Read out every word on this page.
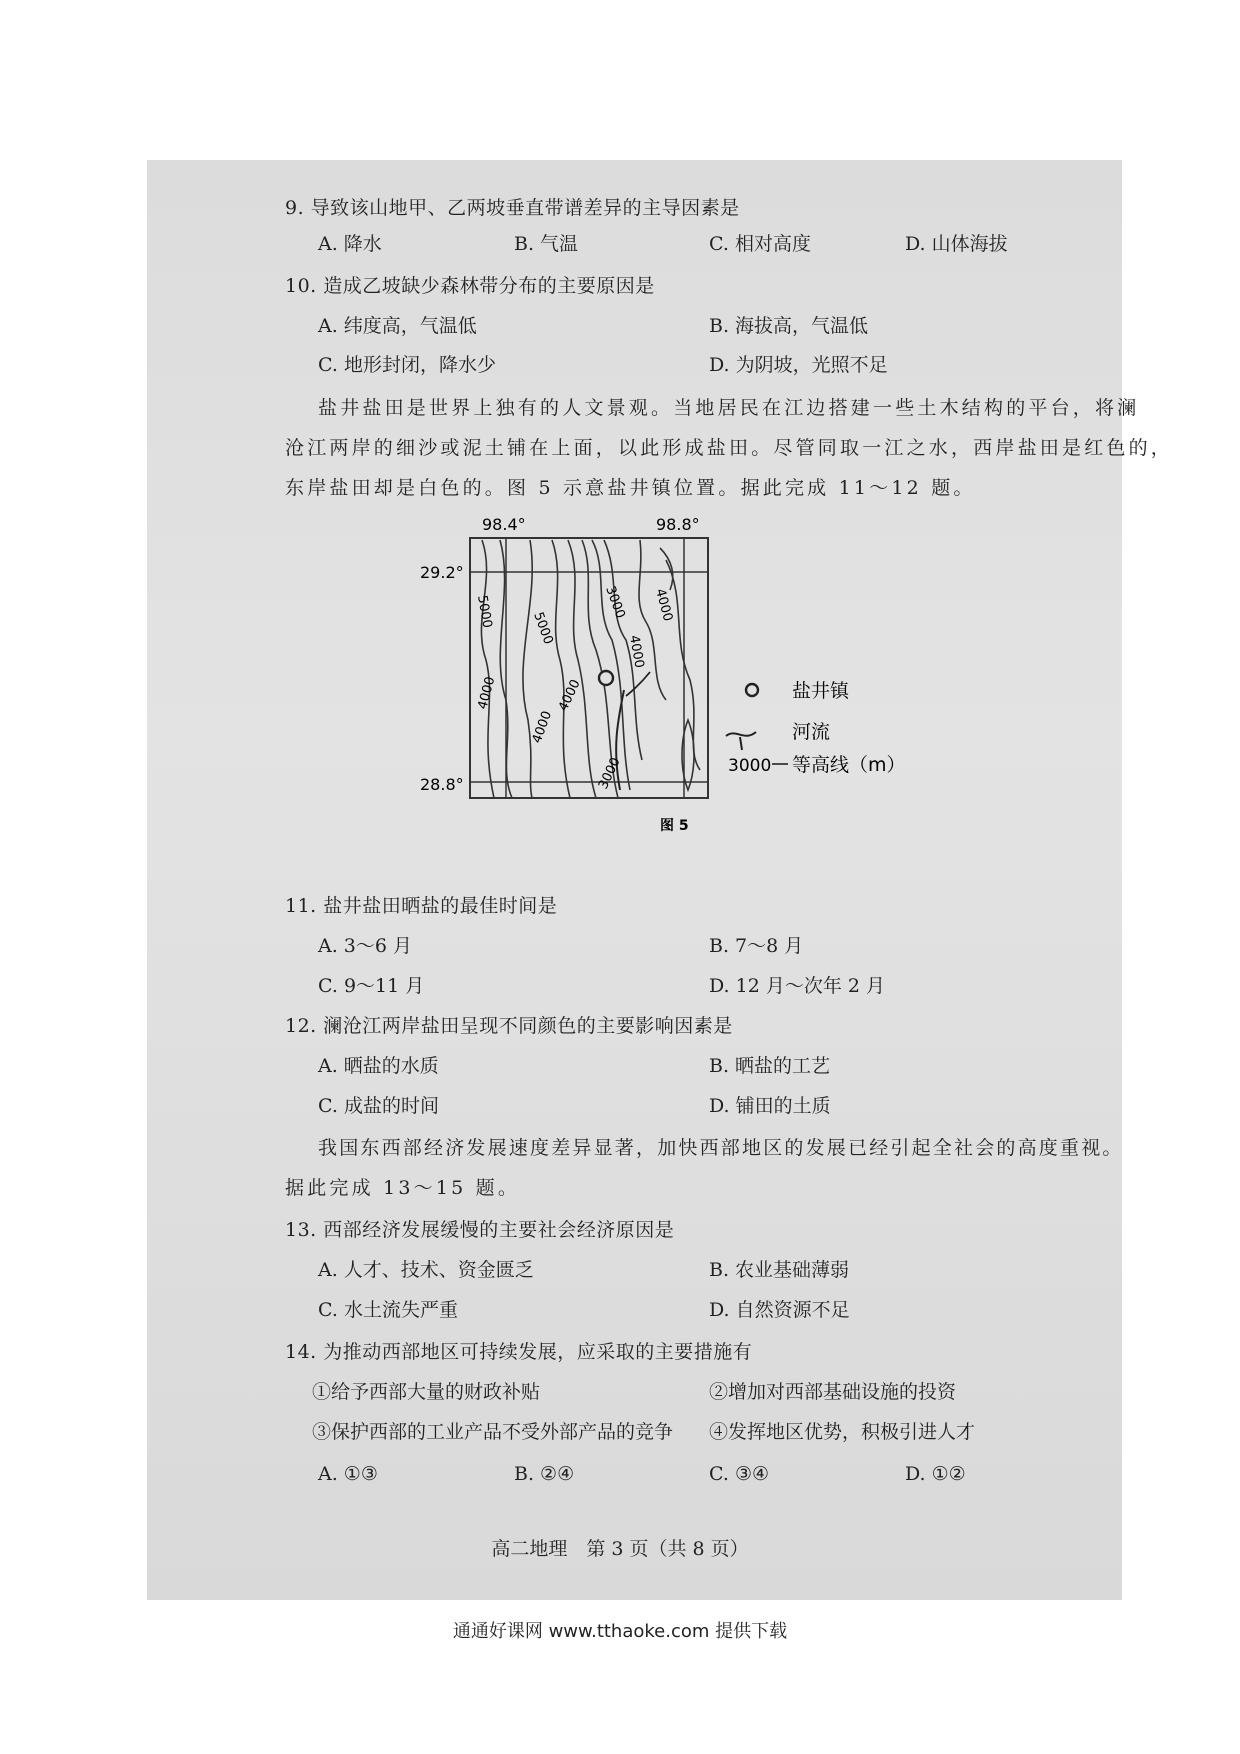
9. 导致该山地甲、乙两坡垂直带谱差异的主导因素是
A. 降水	B. 气温	C. 相对高度	D. 山体海拔
10. 造成乙坡缺少森林带分布的主要原因是
A. 纬度高，气温低	B. 海拔高，气温低
C. 地形封闭，降水少	D. 为阴坡，光照不足
盐井盐田是世界上独有的人文景观。当地居民在江边搭建一些土木结构的平台，将澜
沧江两岸的细沙或泥土铺在上面，以此形成盐田。尽管同取一江之水，西岸盐田是红色的，
东岸盐田却是白色的。图 5 示意盐井镇位置。据此完成 11～12 题。
98.4°	98.8°
29.2°
28.8°
5000	5000
3000 4000
4000
4000
4000
4000
3000
盐井镇
河流
3000 等高线（m）
图 5
11. 盐井盐田晒盐的最佳时间是
A. 3～6 月	B. 7～8 月
C. 9～11 月	D. 12 月～次年 2 月
12. 澜沧江两岸盐田呈现不同颜色的主要影响因素是
A. 晒盐的水质	B. 晒盐的工艺
C. 成盐的时间	D. 铺田的土质
我国东西部经济发展速度差异显著，加快西部地区的发展已经引起全社会的高度重视。
据此完成 13～15 题。
13. 西部经济发展缓慢的主要社会经济原因是
A. 人才、技术、资金匮乏	B. 农业基础薄弱
C. 水土流失严重	D. 自然资源不足
14. 为推动西部地区可持续发展，应采取的主要措施有
①给予西部大量的财政补贴	②增加对西部基础设施的投资
③保护西部的工业产品不受外部产品的竞争 ④发挥地区优势，积极引进人才
A. ①③	B. ②④	C. ③④	D. ①②
高二地理　第 3 页（共 8 页）
通通好课网 www.tthaoke.com 提供下载
